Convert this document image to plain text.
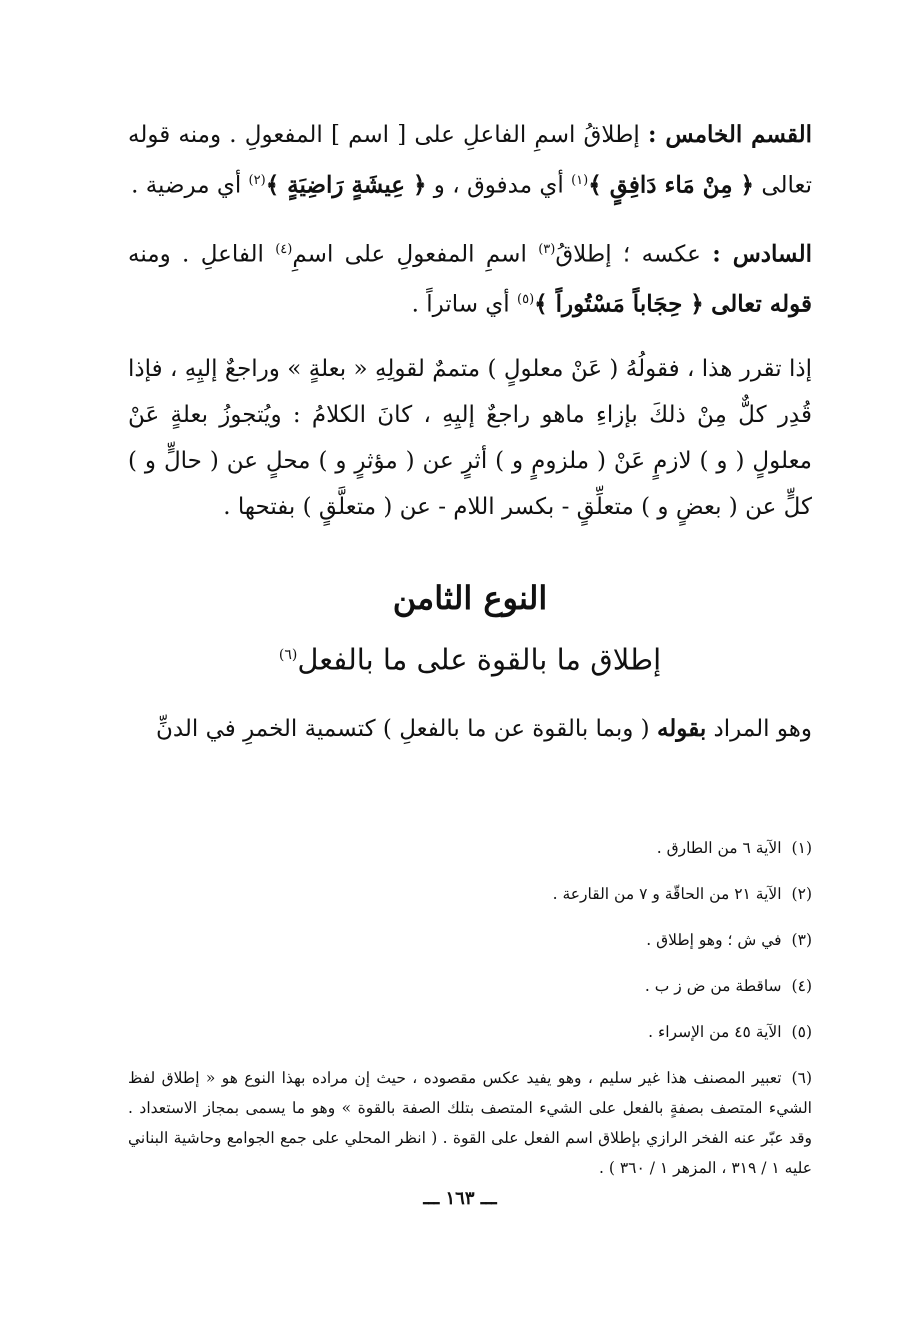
القسم الخامس : إطلاقُ اسمِ الفاعلِ على [ اسم ] المفعولِ . ومنه قوله تعالى ﴿ مِنْ مَاء دَافِقٍ ﴾$^{(١)}$ أي مدفوق ، و ﴿ عِيشَةٍ رَاضِيَةٍ ﴾$^{(٢)}$ أي مرضية .

السادس : عكسه ؛ إطلاقُ$^{(٣)}$ اسمِ المفعولِ على اسمِ$^{(٤)}$ الفاعلِ . ومنه قوله تعالى ﴿ حِجَاباً مَسْتُوراً ﴾$^{(٥)}$ أي ساتراً .

إذا تقرر هذا ، فقولُهُ ( عَنْ معلولٍ ) متممٌ لقولِهِ « بعلةٍ » وراجعٌ إليِهِ ، فإذا قُدِر كلٌّ مِنْ ذلكَ بإزاءِ ماهو راجعٌ إليِهِ ، كانَ الكلامُ : ويُتجوزُ بعلةٍ عَنْ معلولٍ ( و ) لازمٍ عَنْ ( ملزومٍ و ) أثرٍ عن ( مؤثرٍ و ) محلٍ عن ( حالٍّ و ) كلٍّ عن ( بعضٍ و ) متعلِّقٍ - بكسر اللام - عن ( متعلَّقٍ ) بفتحها .

النوع الثامن
إطلاق ما بالقوة على ما بالفعل$^{(٦)}$

وهو المراد بقوله ( وبما بالقوة عن ما بالفعلِ ) كتسمية الخمرِ في الدنِّ

(١)الآية ٦ من الطارق .

(٢)الآية ٢١ من الحاقّة و ٧ من القارعة .

(٣)في ش ؛ وهو إطلاق .

(٤)ساقطة من ض ز ب .

(٥)الآية ٤٥ من الإسراء .

(٦)تعبير المصنف هذا غير سليم ، وهو يفيد عكس مقصوده ، حيث إن مراده بهذا النوع هو « إطلاق لفظ الشيء المتصف بصفةٍ بالفعل على الشيء المتصف بتلك الصفة بالقوة » وهو ما يسمى بمجاز الاستعداد . وقد عبّر عنه الفخر الرازي بإطلاق اسم الفعل على القوة . ( انظر المحلي على جمع الجوامع وحاشية البناني عليه ١ / ٣١٩ ، المزهر ١ / ٣٦٠ ) .

ـــ ١٦٣ ـــ
